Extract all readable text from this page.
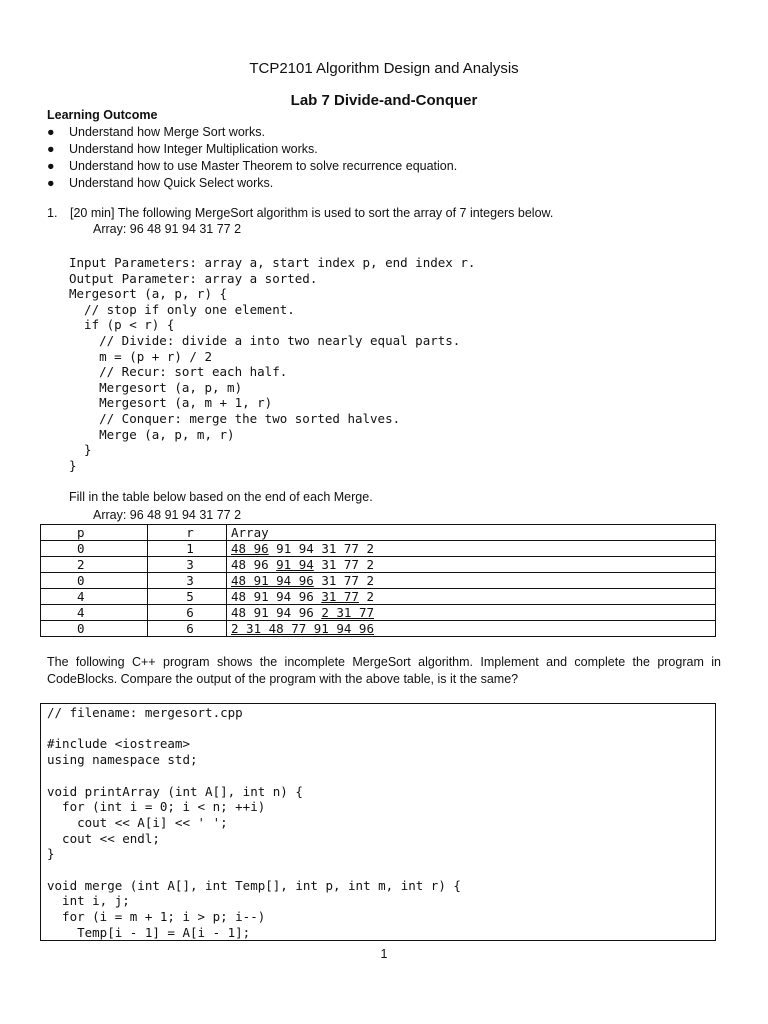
TCP2101 Algorithm Design and Analysis
Lab 7 Divide-and-Conquer
Learning Outcome
● Understand how Merge Sort works.
● Understand how Integer Multiplication works.
● Understand how to use Master Theorem to solve recurrence equation.
● Understand how Quick Select works.
1. [20 min] The following MergeSort algorithm is used to sort the array of 7 integers below.
Array: 96 48 91 94 31 77 2
Input Parameters: array a, start index p, end index r.
Output Parameter: array a sorted.
Mergesort (a, p, r) {
// stop if only one element.
if (p < r) {
// Divide: divide a into two nearly equal parts.
m = (p + r) / 2
// Recur: sort each half.
Mergesort (a, p, m)
Mergesort (a, m + 1, r)
// Conquer: merge the two sorted halves.
Merge (a, p, m, r)
}
}
Fill in the table below based on the end of each Merge.
Array: 96 48 91 94 31 77 2
p	r	Array
0	1	48 96 91 94 31 77 2
2	3	48 96 91 94 31 77 2
0	3	48 91 94 96 31 77 2
4	5	48 91 94 96 31 77 2
4	6	48 91 94 96 2 31 77
0	6	2 31 48 77 91 94 96
The following C++ program shows the incomplete MergeSort algorithm. Implement and complete the program in CodeBlocks. Compare the output of the program with the above table, is it the same?
// filename: mergesort.cpp

#include <iostream>
using namespace std;

void printArray (int A[], int n) {
for (int i = 0; i < n; ++i)
cout << A[i] << ' ';
cout << endl;
}

void merge (int A[], int Temp[], int p, int m, int r) {
int i, j;
for (i = m + 1; i > p; i--)
Temp[i - 1] = A[i - 1];
1
